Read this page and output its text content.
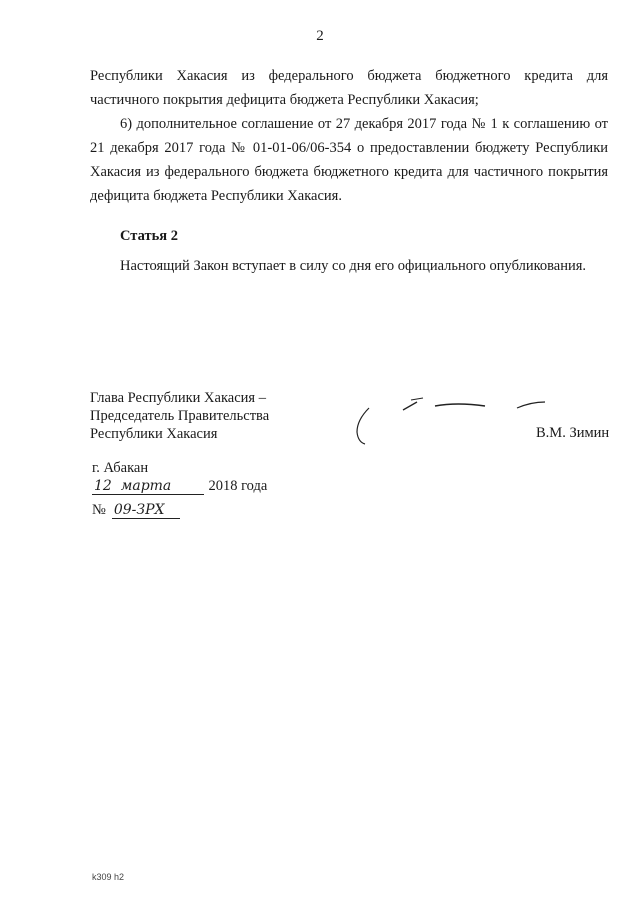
2
Республики Хакасия из федерального бюджета бюджетного кредита для частичного покрытия дефицита бюджета Республики Хакасия;
6) дополнительное соглашение от 27 декабря 2017 года № 1 к соглашению от 21 декабря 2017 года № 01-01-06/06-354 о предоставлении бюджету Республики Хакасия из федерального бюджета бюджетного кредита для частичного покрытия дефицита бюджета Республики Хакасия.
Статья 2
Настоящий Закон вступает в силу со дня его официального опубликования.
Глава Республики Хакасия –
Председатель Правительства
Республики Хакасия	В.М. Зимин
г. Абакан
12 марта	2018 года
№ 09-ЗРХ
k309 h2
